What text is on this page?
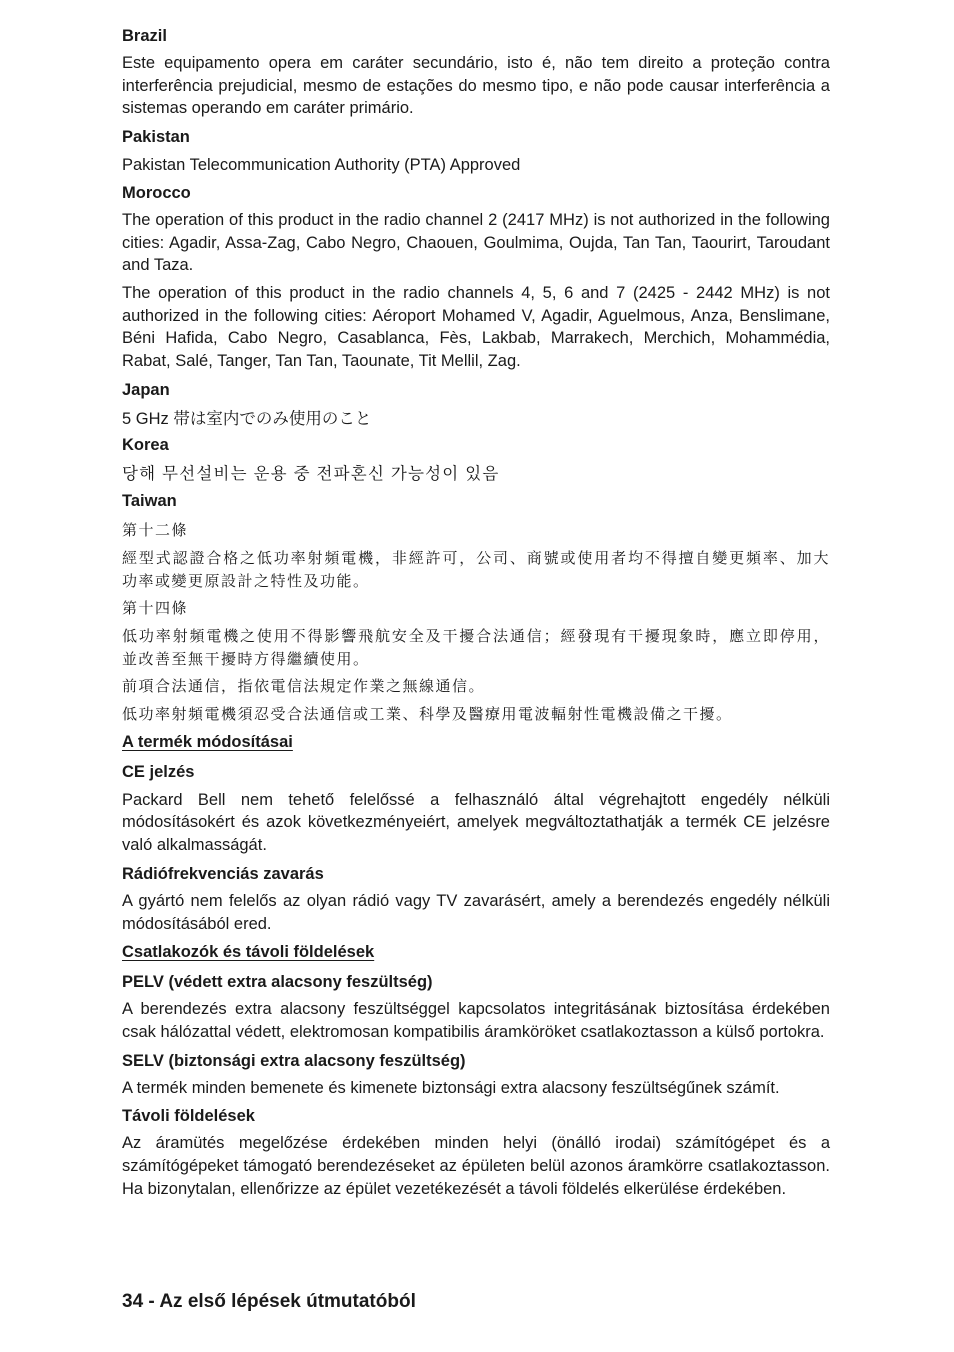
Brazil

Este equipamento opera em caráter secundário, isto é, não tem direito a proteção contra interferência prejudicial, mesmo de estações do mesmo tipo, e não pode causar interferência a sistemas operando em caráter primário.

Pakistan

Pakistan Telecommunication Authority (PTA) Approved

Morocco

The operation of this product in the radio channel 2 (2417 MHz) is not authorized in the following cities: Agadir, Assa-Zag, Cabo Negro, Chaouen, Goulmima, Oujda, Tan Tan, Taourirt, Taroudant and Taza.

The operation of this product in the radio channels 4, 5, 6 and 7 (2425 - 2442 MHz) is not authorized in the following cities: Aéroport Mohamed V, Agadir, Aguelmous, Anza, Benslimane, Béni Hafida, Cabo Negro, Casablanca, Fès, Lakbab, Marrakech, Merchich, Mohammédia, Rabat, Salé, Tanger, Tan Tan, Taounate, Tit Mellil, Zag.

Japan

5 GHz 帯は室内でのみ使用のこと

Korea

당해 무선설비는 운용 중 전파혼신 가능성이 있음

Taiwan

第十二條

經型式認證合格之低功率射頻電機，非經許可，公司、商號或使用者均不得擅自變更頻率、加大功率或變更原設計之特性及功能。

第十四條

低功率射頻電機之使用不得影響飛航安全及干擾合法通信；經發現有干擾現象時，應立即停用，並改善至無干擾時方得繼續使用。

前項合法通信，指依電信法規定作業之無線通信。

低功率射頻電機須忍受合法通信或工業、科學及醫療用電波輻射性電機設備之干擾。

A termék módosításai

CE jelzés

Packard Bell nem tehető felelőssé a felhasználó által végrehajtott engedély nélküli módosításokért és azok következményeiért, amelyek megváltoztathatják a termék CE jelzésre való alkalmasságát.

Rádiófrekvenciás zavarás

A gyártó nem felelős az olyan rádió vagy TV zavarásért, amely a berendezés engedély nélküli módosításából ered.

Csatlakozók és távoli földelések

PELV (védett extra alacsony feszültség)

A berendezés extra alacsony feszültséggel kapcsolatos integritásának biztosítása érdekében csak hálózattal védett, elektromosan kompatibilis áramköröket csatlakoztasson a külső portokra.

SELV (biztonsági extra alacsony feszültség)

A termék minden bemenete és kimenete biztonsági extra alacsony feszültségűnek számít.

Távoli földelések

Az áramütés megelőzése érdekében minden helyi (önálló irodai) számítógépet és a számítógépeket támogató berendezéseket az épületen belül azonos áramkörre csatlakoztasson. Ha bizonytalan, ellenőrizze az épület vezetékezését a távoli földelés elkerülése érdekében.

34 - Az első lépések útmutatóból
